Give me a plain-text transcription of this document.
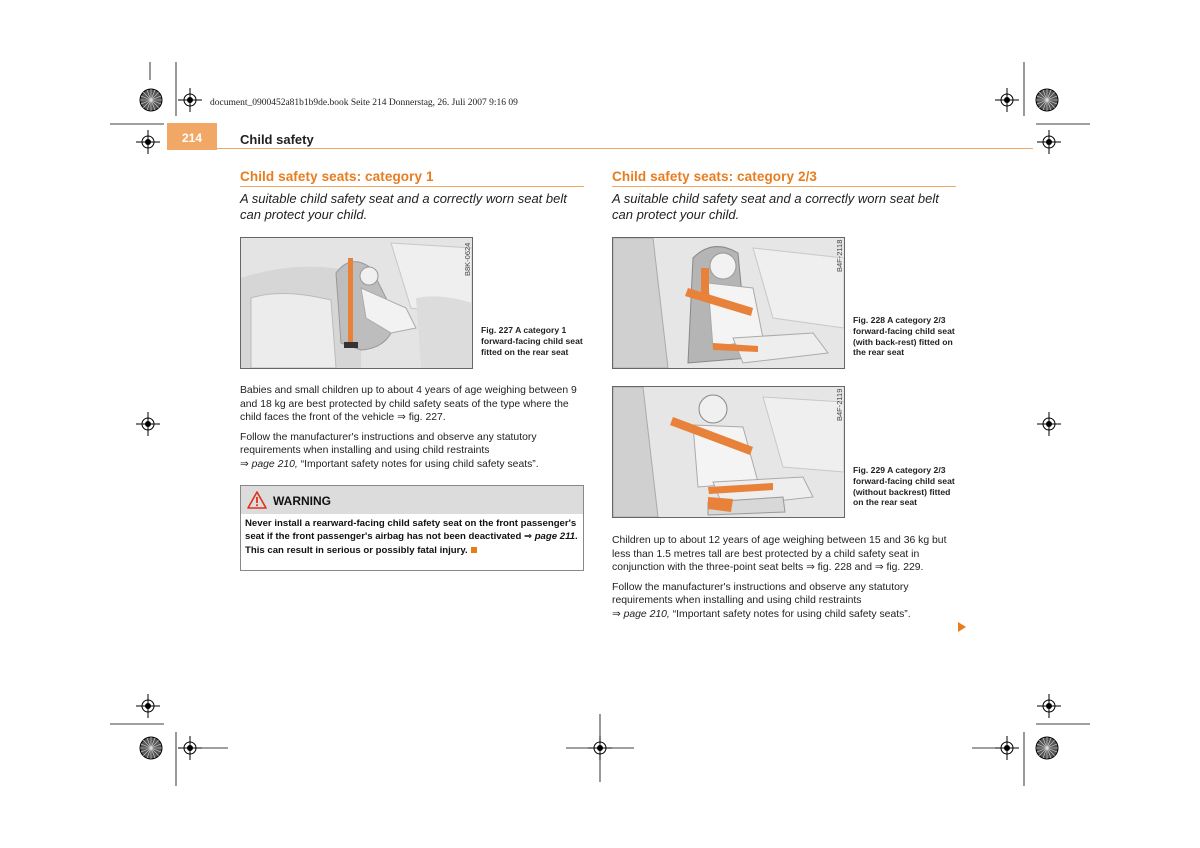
document_0900452a81b1b9de.book Seite 214 Donnerstag, 26. Juli 2007 9:16 09
214	Child safety
Child safety seats: category 1
A suitable child safety seat and a correctly worn seat belt can protect your child.
B8K-0624
Fig. 227 A category 1 forward-facing child seat fitted on the rear seat

Babies and small children up to about 4 years of age weighing between 9 and 18 kg are best protected by child safety seats of the type where the child faces the front of the vehicle ⇒ fig. 227.

Follow the manufacturer's instructions and observe any statutory requirements when installing and using child restraints
⇒ page 210, “Important safety notes for using child safety seats”.

WARNING
Never install a rearward-facing child safety seat on the front passenger's seat if the front passenger's airbag has not been deactivated ⇒ page 211. This can result in serious or possibly fatal injury.
Child safety seats: category 2/3
A suitable child safety seat and a correctly worn seat belt can protect your child.
B4F-2118
Fig. 228 A category 2/3 forward-facing child seat (with back-rest) fitted on the rear seat
B4F-2119
Fig. 229 A category 2/3 forward-facing child seat (without backrest) fitted on the rear seat

Children up to about 12 years of age weighing between 15 and 36 kg but less than 1.5 metres tall are best protected by a child safety seat in conjunction with the three-point seat belts ⇒ fig. 228 and ⇒ fig. 229.

Follow the manufacturer's instructions and observe any statutory requirements when installing and using child restraints
⇒ page 210, “Important safety notes for using child safety seats”.
